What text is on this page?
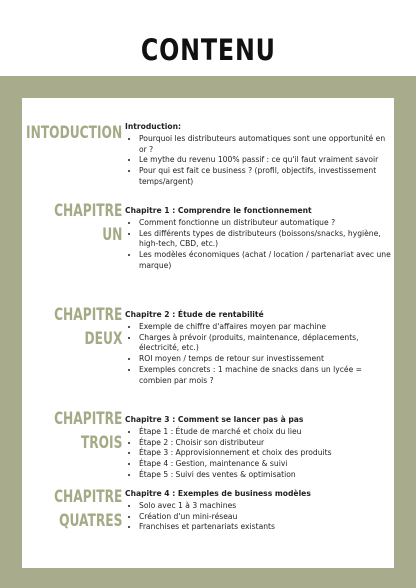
CONTENU
INTODUCTION Introduction:
• Pourquoi les distributeurs automatiques sont une opportunité en or ?
• Le mythe du revenu 100% passif : ce qu'il faut vraiment savoir
• Pour qui est fait ce business ? (profil, objectifs, investissement temps/argent)
CHAPITRE
UN
Chapitre 1 : Comprendre le fonctionnement
• Comment fonctionne un distributeur automatique ?
• Les différents types de distributeurs (boissons/snacks, hygiène, high-tech, CBD, etc.)
• Les modèles économiques (achat / location / partenariat avec une marque)
CHAPITRE
DEUX
Chapitre 2 : Étude de rentabilité
• Exemple de chiffre d'affaires moyen par machine
• Charges à prévoir (produits, maintenance, déplacements, électricité, etc.)
• ROI moyen / temps de retour sur investissement
• Exemples concrets : 1 machine de snacks dans un lycée = combien par mois ?
CHAPITRE
TROIS
Chapitre 3 : Comment se lancer pas à pas
• Étape 1 : Étude de marché et choix du lieu
• Étape 2 : Choisir son distributeur
• Étape 3 : Approvisionnement et choix des produits
• Étape 4 : Gestion, maintenance & suivi
• Étape 5 : Suivi des ventes & optimisation
CHAPITRE
QUATRES
Chapitre 4 : Exemples de business modèles
• Solo avec 1 à 3 machines
• Création d'un mini-réseau
• Franchises et partenariats existants
